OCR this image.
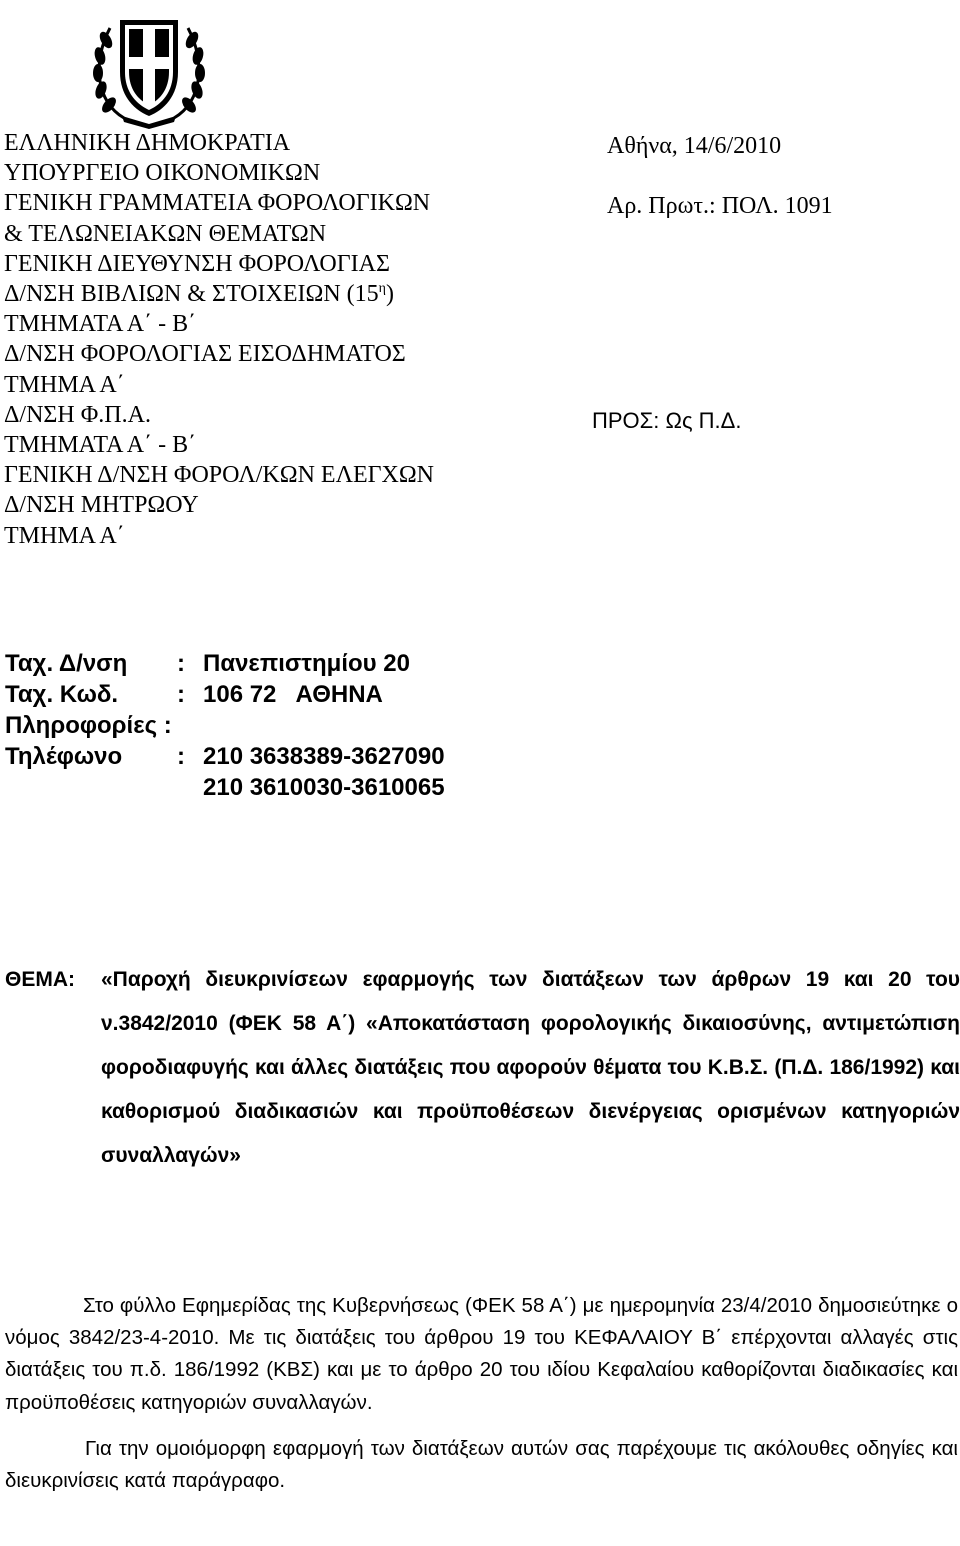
ΕΛΛΗΝΙΚΗ ΔΗΜΟΚΡΑΤΙΑ
ΥΠΟΥΡΓΕΙΟ ΟΙΚΟΝΟΜΙΚΩΝ
ΓΕΝΙΚΗ ΓΡΑΜΜΑΤΕΙΑ ΦΟΡΟΛΟΓΙΚΩΝ
& ΤΕΛΩΝΕΙΑΚΩΝ ΘΕΜΑΤΩΝ
ΓΕΝΙΚΗ ΔΙΕΥΘΥΝΣΗ ΦΟΡΟΛΟΓΙΑΣ
Δ/ΝΣΗ ΒΙΒΛΙΩΝ & ΣΤΟΙΧΕΙΩΝ $(15^\eta)$
ΤΜΗΜΑΤΑ Α΄ - Β΄
Δ/ΝΣΗ ΦΟΡΟΛΟΓΙΑΣ ΕΙΣΟΔΗΜΑΤΟΣ
ΤΜΗΜΑ Α΄
Δ/ΝΣΗ Φ.Π.Α.
ΤΜΗΜΑΤΑ Α΄ - Β΄
ΓΕΝΙΚΗ Δ/ΝΣΗ ΦΟΡΟΛ/ΚΩΝ ΕΛΕΓΧΩΝ
Δ/ΝΣΗ ΜΗΤΡΩΟΥ
ΤΜΗΜΑ Α΄
Αθήνα, 14/6/2010
Αρ. Πρωτ.: ΠΟΛ. 1091
ΠΡΟΣ: Ως Π.Δ.
Ταχ. Δ/νση	: Πανεπιστημίου 20
Ταχ. Κωδ.	: 106 72   ΑΘΗΝΑ
Πληροφορίες :
Τηλέφωνο	: 210 3638389-3627090
210 3610030-3610065
ΘΕΜΑ:	«Παροχή διευκρινίσεων εφαρμογής των διατάξεων των άρθρων 19 και 20 του ν.3842/2010 (ΦΕΚ 58 Α΄) «Αποκατάσταση φορολογικής δικαιοσύνης, αντιμετώπιση φοροδιαφυγής και άλλες διατάξεις που αφορούν θέματα του Κ.Β.Σ. (Π.Δ. 186/1992) και καθορισμού διαδικασιών και προϋποθέσεων διενέργειας ορισμένων κατηγοριών συναλλαγών»

Στο φύλλο Εφημερίδας της Κυβερνήσεως (ΦΕΚ 58 Α΄) με ημερομηνία 23/4/2010 δημοσιεύτηκε ο νόμος 3842/23-4-2010. Με τις διατάξεις του άρθρου 19 του ΚΕΦΑΛΑΙΟΥ Β΄ επέρχονται αλλαγές στις διατάξεις του π.δ. 186/1992 (ΚΒΣ) και με το άρθρο 20 του ιδίου Κεφαλαίου καθορίζονται διαδικασίες και προϋποθέσεις κατηγοριών συναλλαγών.

Για την ομοιόμορφη εφαρμογή των διατάξεων αυτών σας παρέχουμε τις ακόλουθες οδηγίες και διευκρινίσεις κατά παράγραφο.
